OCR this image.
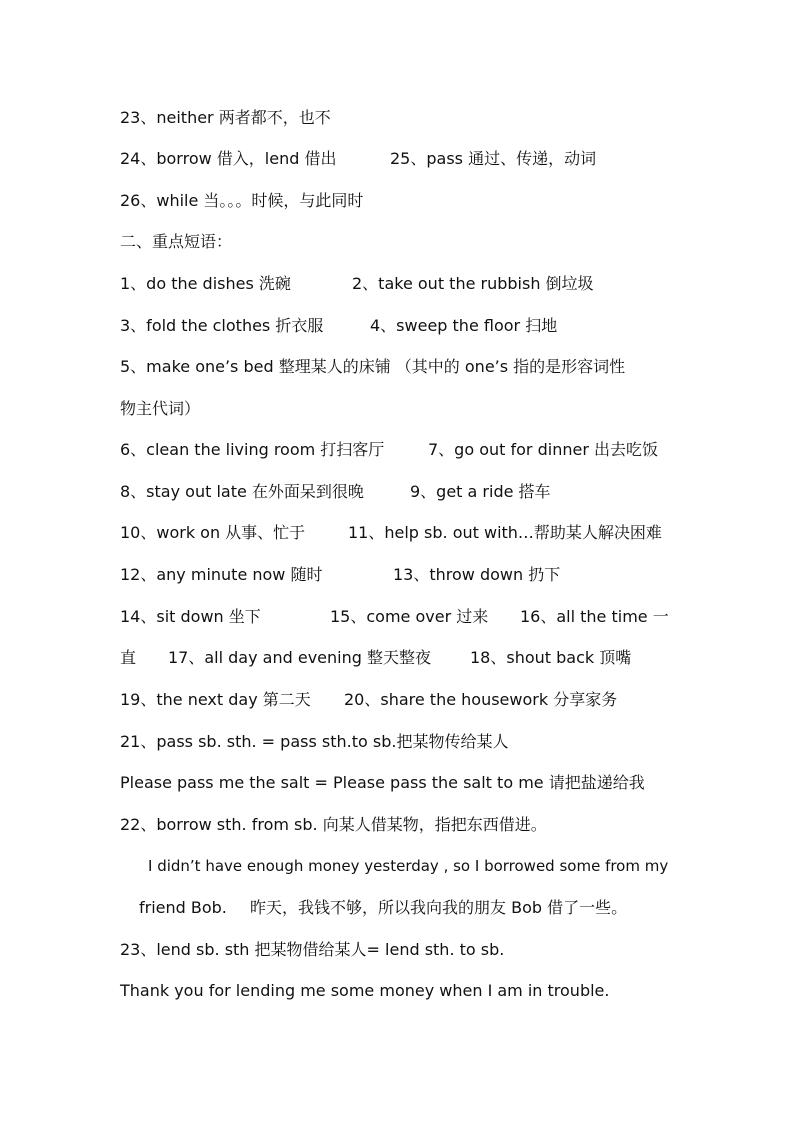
23、neither 两者都不，也不
24、borrow 借入，lend 借出	25、pass 通过、传递，动词
26、while 当。。。时候，与此同时
二、重点短语：
1、do the dishes 洗碗	2、take out the rubbish 倒垃圾
3、fold the clothes 折衣服	4、sweep the floor 扫地
5、make one’s bed 整理某人的床铺 （其中的 one’s 指的是形容词性
物主代词）
6、clean the living room 打扫客厅	7、go out for dinner 出去吃饭
8、stay out late 在外面呆到很晚	9、get a ride 搭车
10、work on 从事、忙于	11、help sb. out with…帮助某人解决困难
12、any minute now 随时	13、throw down 扔下
14、sit down 坐下	15、come over 过来 16、all the time 一
直 17、all day and evening 整天整夜 18、shout back 顶嘴
19、the next day 第二天 20、share the housework 分享家务
21、pass sb. sth. = pass sth.to sb.把某物传给某人
Please pass me the salt = Please pass the salt to me 请把盐递给我
22、borrow sth. from sb. 向某人借某物，指把东西借进。
I didn’t have enough money yesterday , so I borrowed some from my
friend Bob. 昨天，我钱不够，所以我向我的朋友 Bob 借了一些。
23、lend sb. sth 把某物借给某人= lend sth. to sb.
Thank you for lending me some money when I am in trouble.
